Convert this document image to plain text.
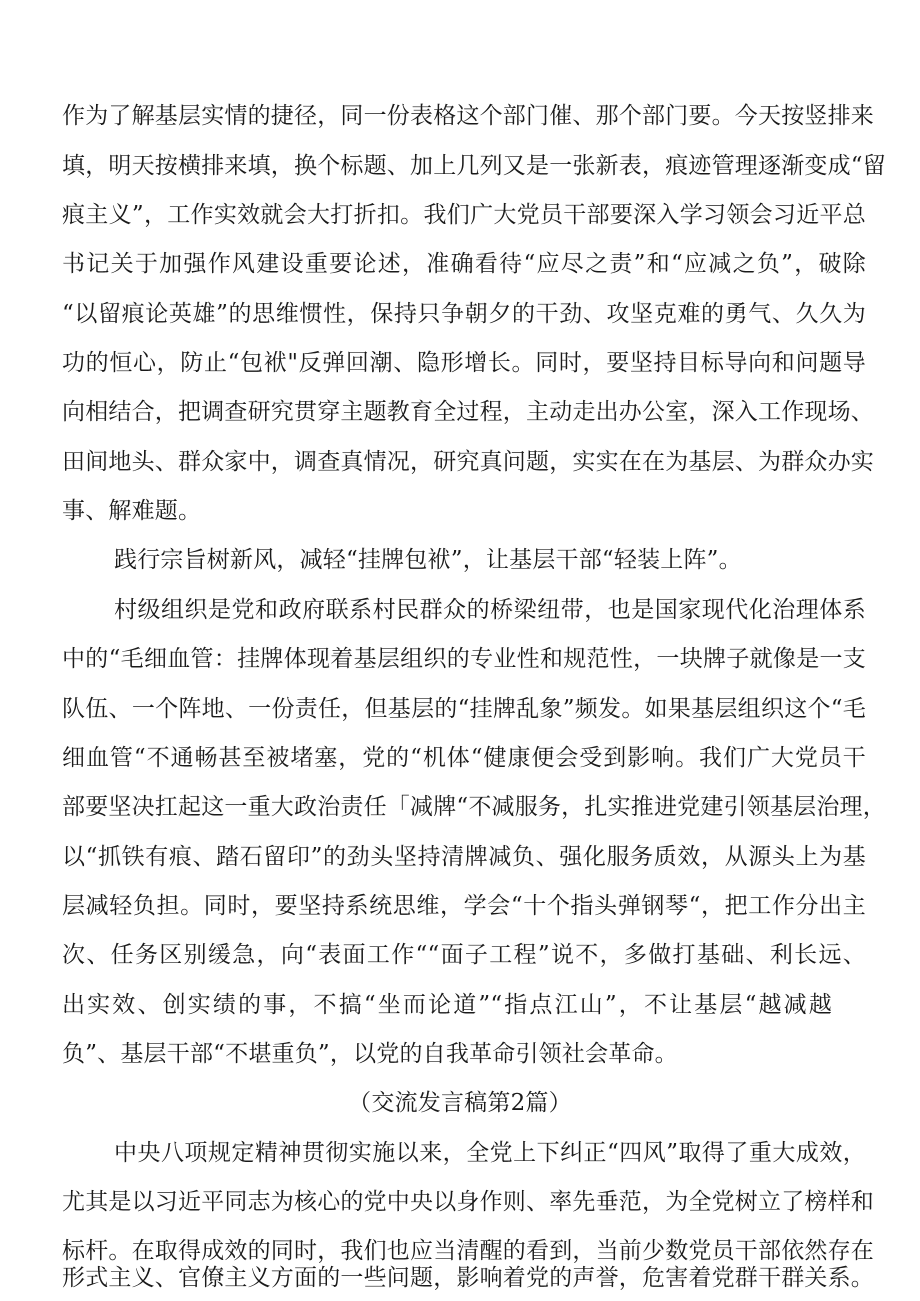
作为了解基层实情的捷径，同一份表格这个部门催、那个部门要。今天按竖排来
填，明天按横排来填，换个标题、加上几列又是一张新表，痕迹管理逐渐变成“留
痕主义”，工作实效就会大打折扣。我们广大党员干部要深入学习领会习近平总
书记关于加强作风建设重要论述，准确看待“应尽之责”和“应减之负”，破除
“以留痕论英雄”的思维惯性，保持只争朝夕的干劲、攻坚克难的勇气、久久为
功的恒心，防止“包袱"反弹回潮、隐形增长。同时，要坚持目标导向和问题导
向相结合，把调查研究贯穿主题教育全过程，主动走出办公室，深入工作现场、
田间地头、群众家中，调查真情况，研究真问题，实实在在为基层、为群众办实
事、解难题。
践行宗旨树新风，减轻“挂牌包袱”，让基层干部“轻装上阵”。
村级组织是党和政府联系村民群众的桥梁纽带，也是国家现代化治理体系
中的“毛细血管：挂牌体现着基层组织的专业性和规范性，一块牌子就像是一支
队伍、一个阵地、一份责任，但基层的“挂牌乱象”频发。如果基层组织这个“毛
细血管“不通畅甚至被堵塞，党的“机体“健康便会受到影响。我们广大党员干
部要坚决扛起这一重大政治责任「减牌“不减服务，扎实推进党建引领基层治理，
以“抓铁有痕、踏石留印”的劲头坚持清牌减负、强化服务质效，从源头上为基
层减轻负担。同时，要坚持系统思维，学会“十个指头弹钢琴“，把工作分出主
次、任务区别缓急，向“表面工作““面子工程”说不，多做打基础、利长远、
出实效、创实绩的事，不搞“坐而论道”“指点江山”，不让基层“越减越
负”、基层干部“不堪重负”，以党的自我革命引领社会革命。
（交流发言稿第2篇）
中央八项规定精神贯彻实施以来，全党上下纠正“四风”取得了重大成效，
尤其是以习近平同志为核心的党中央以身作则、率先垂范，为全党树立了榜样和
标杆。在取得成效的同时，我们也应当清醒的看到，当前少数党员干部依然存在
形式主义、官僚主义方面的一些问题，影响着党的声誉，危害着党群干群关系。
